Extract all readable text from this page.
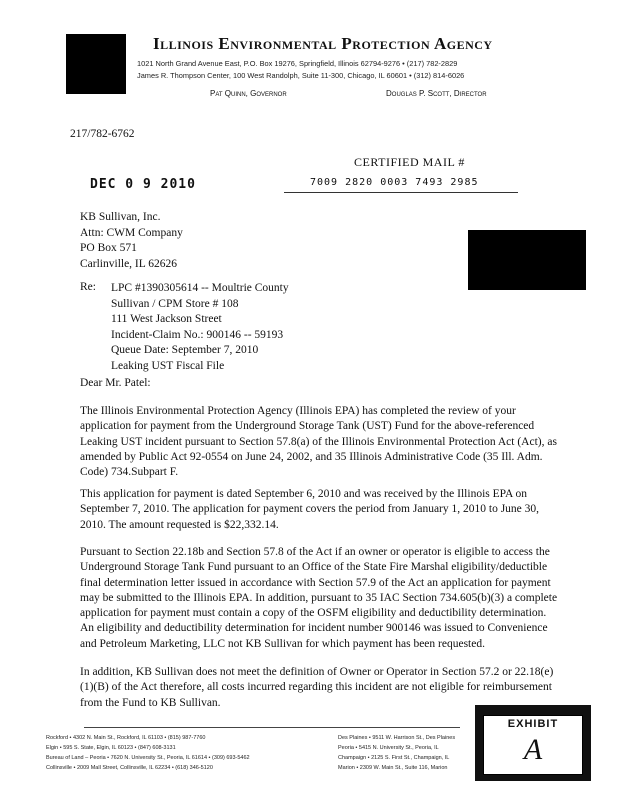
Illinois Environmental Protection Agency
1021 North Grand Avenue East, P.O. Box 19276, Springfield, Illinois 62794-9276 • (217) 782-2829
James R. Thompson Center, 100 West Randolph, Suite 11-300, Chicago, IL 60601 • (312) 814-6026
Pat Quinn, Governor	Douglas P. Scott, Director
217/782-6762
CERTIFIED MAIL #
DEC 0 9 2010	7009 2820 0003 7493 2985
KB Sullivan, Inc.
Attn: CWM Company
PO Box 571
Carlinville, IL 62626
Re: LPC #1390305614 -- Moultrie County
Sullivan / CPM Store # 108
111 West Jackson Street
Incident-Claim No.: 900146 -- 59193
Queue Date: September 7, 2010
Leaking UST Fiscal File
Dear Mr. Patel:
The Illinois Environmental Protection Agency (Illinois EPA) has completed the review of your application for payment from the Underground Storage Tank (UST) Fund for the above-referenced Leaking UST incident pursuant to Section 57.8(a) of the Illinois Environmental Protection Act (Act), as amended by Public Act 92-0554 on June 24, 2002, and 35 Illinois Administrative Code (35 Ill. Adm. Code) 734.Subpart F.
This application for payment is dated September 6, 2010 and was received by the Illinois EPA on September 7, 2010. The application for payment covers the period from January 1, 2010 to June 30, 2010. The amount requested is $22,332.14.
Pursuant to Section 22.18b and Section 57.8 of the Act if an owner or operator is eligible to access the Underground Storage Tank Fund pursuant to an Office of the State Fire Marshal eligibility/deductible final determination letter issued in accordance with Section 57.9 of the Act an application for payment may be submitted to the Illinois EPA. In addition, pursuant to 35 IAC Section 734.605(b)(3) a complete application for payment must contain a copy of the OSFM eligibility and deductibility determination. An eligibility and deductibility determination for incident number 900146 was issued to Convenience and Petroleum Marketing, LLC not KB Sullivan for which payment has been requested.
In addition, KB Sullivan does not meet the definition of Owner or Operator in Section 57.2 or 22.18(e)(1)(B) of the Act therefore, all costs incurred regarding this incident are not eligible for reimbursement from the Fund to KB Sullivan.
Rockford • 4302 N. Main St., Rockford, IL 61103 • (815) 987-7760
Elgin • 595 S. State, Elgin, IL 60123 • (847) 608-3131
Bureau of Land – Peoria • 7620 N. University St., Peoria, IL 61614 • (309) 693-5462
Collinsville • 2009 Mall Street, Collinsville, IL 62234 • (618) 346-5120
Des Plaines • 9511 W. Harrison St., Des Plaines
Peoria • 5415 N. University St., Peoria, IL
Champaign • 2125 S. First St., Champaign, IL
Marion • 2309 W. Main St., Suite 116, Marion
EXHIBIT
A
